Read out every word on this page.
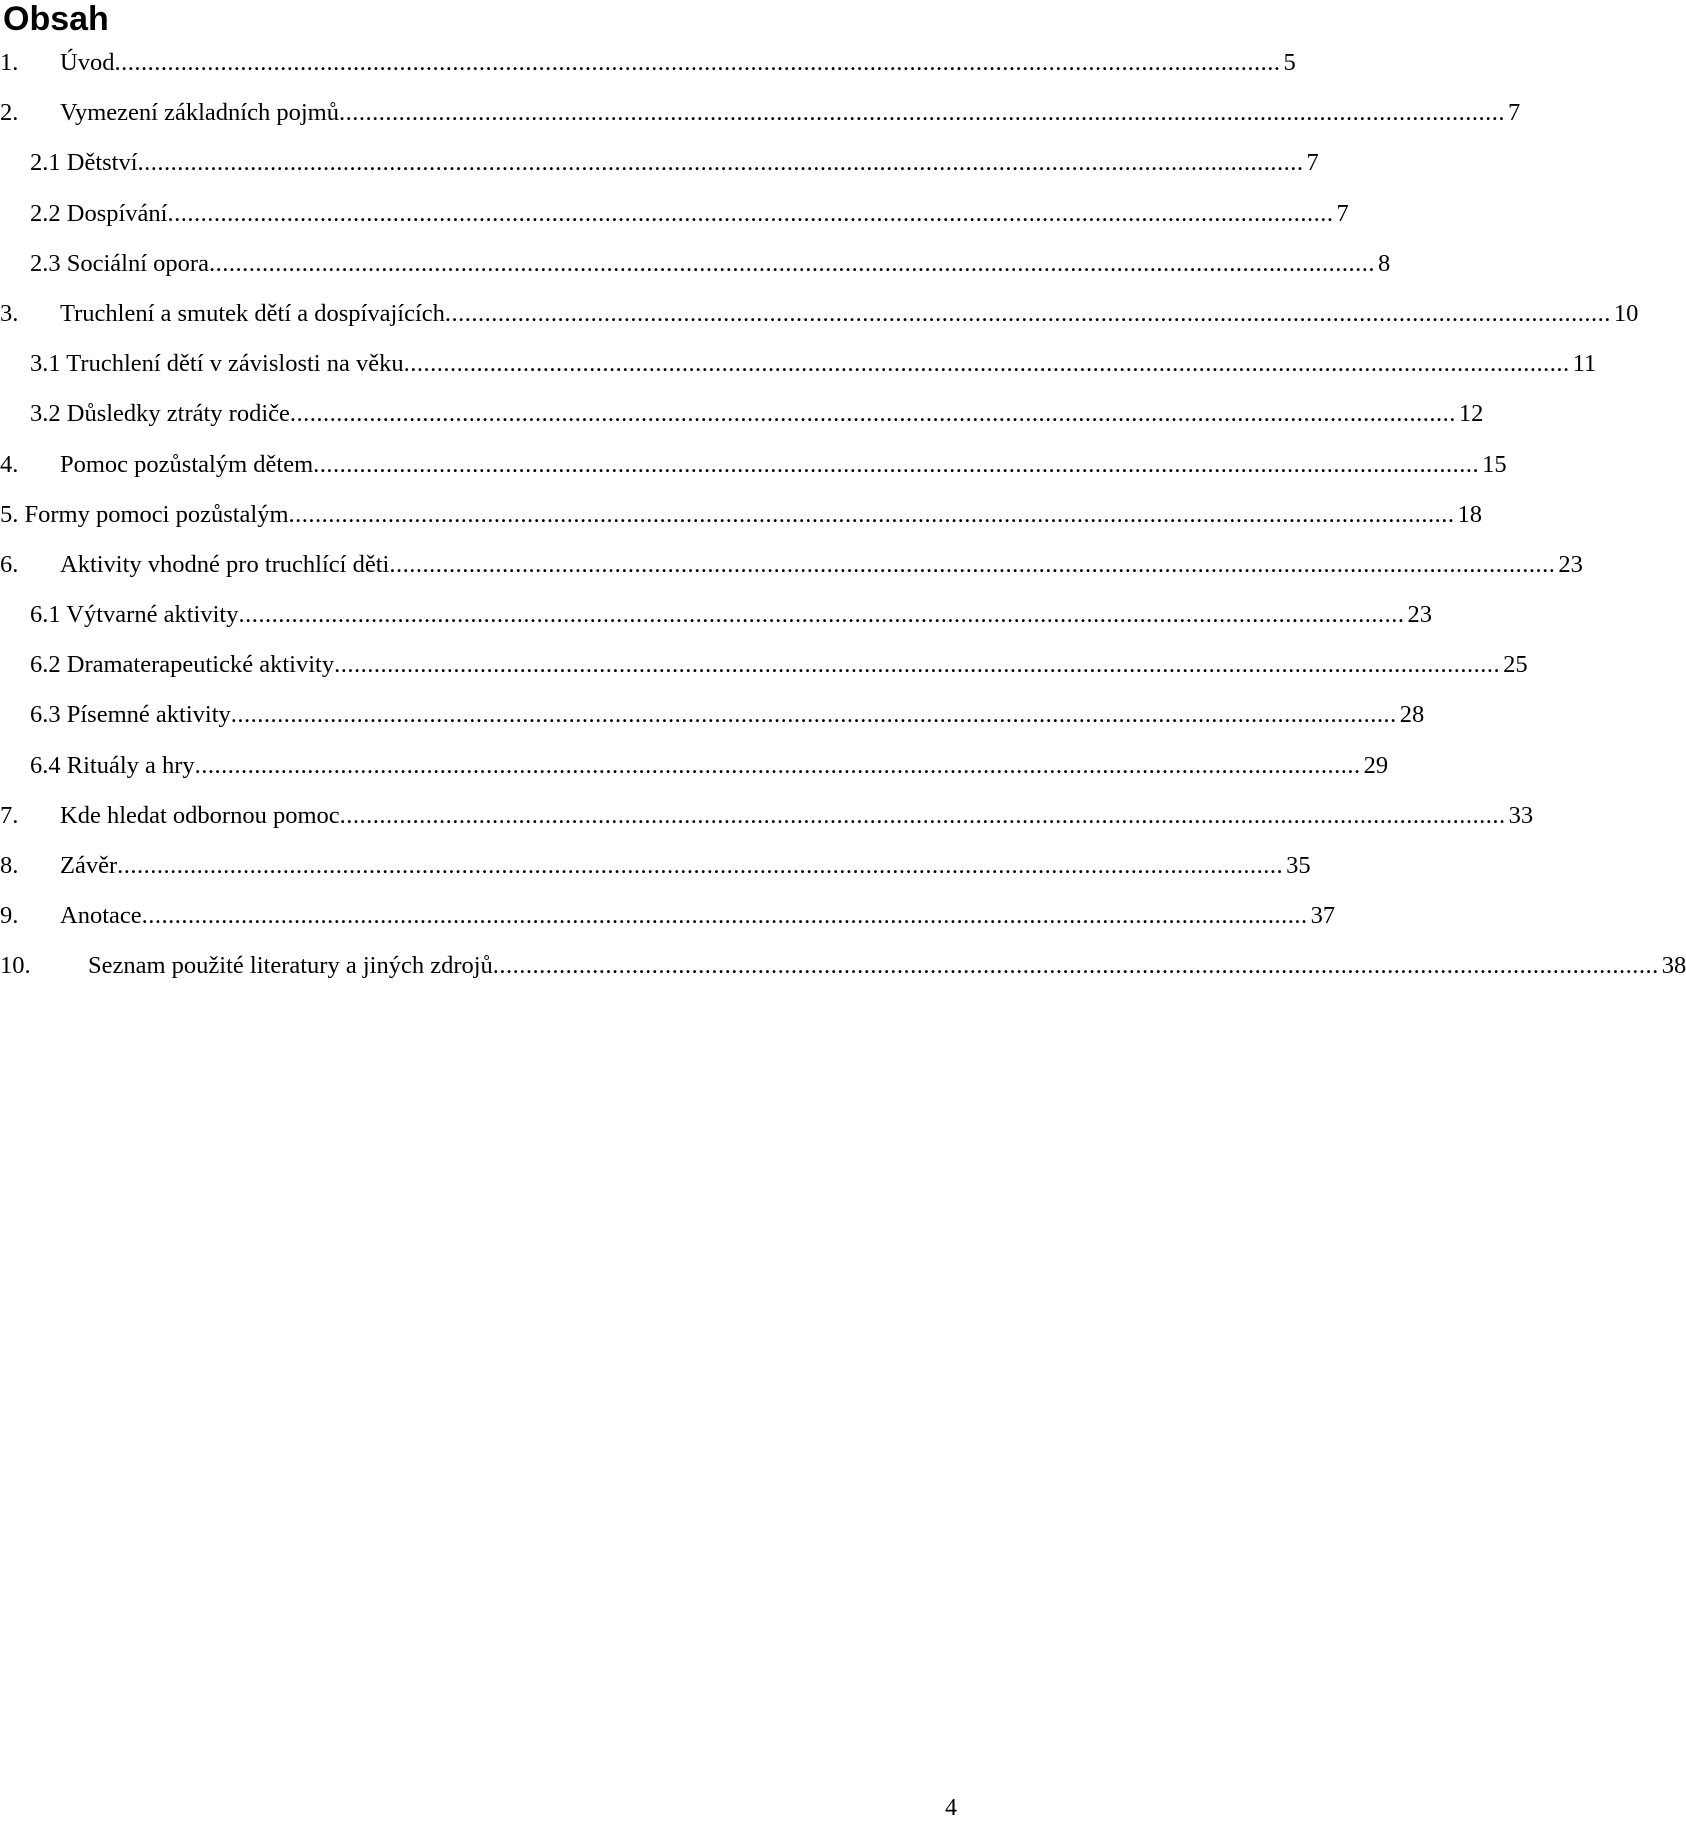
Obsah
1. Úvod ................................................................................................................................................................................ 5
2. Vymezení základních pojmů ................................................................................................................................................................................ 7
2.1 Dětství ................................................................................................................................................................................ 7
2.2 Dospívání ................................................................................................................................................................................ 7
2.3 Sociální opora ................................................................................................................................................................................ 8
3. Truchlení a smutek dětí a dospívajících ................................................................................................................................................................................ 10
3.1 Truchlení dětí v závislosti na věku ................................................................................................................................................................................ 11
3.2 Důsledky ztráty rodiče ................................................................................................................................................................................ 12
4. Pomoc pozůstalým dětem ................................................................................................................................................................................ 15
5. Formy pomoci pozůstalým ................................................................................................................................................................................ 18
6. Aktivity vhodné pro truchlící děti ................................................................................................................................................................................ 23
6.1 Výtvarné aktivity ................................................................................................................................................................................ 23
6.2 Dramaterapeutické aktivity ................................................................................................................................................................................ 25
6.3 Písemné aktivity ................................................................................................................................................................................ 28
6.4 Rituály a hry ................................................................................................................................................................................ 29
7. Kde hledat odbornou pomoc ................................................................................................................................................................................ 33
8. Závěr ................................................................................................................................................................................ 35
9. Anotace ................................................................................................................................................................................ 37
10. Seznam použité literatury a jiných zdrojů ................................................................................................................................................................................ 38
4
